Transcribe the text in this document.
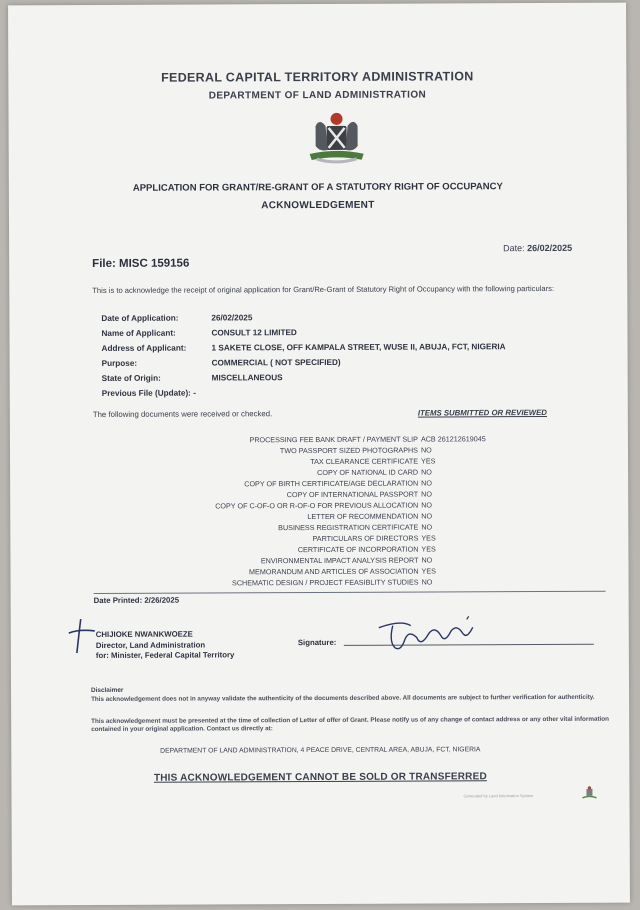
FEDERAL CAPITAL TERRITORY ADMINISTRATION
DEPARTMENT OF LAND ADMINISTRATION
APPLICATION FOR GRANT/RE-GRANT OF A STATUTORY RIGHT OF OCCUPANCY
ACKNOWLEDGEMENT
Date: 26/02/2025
File: MISC 159156
This is to acknowledge the receipt of original application for Grant/Re-Grant of Statutory Right of Occupancy with the following particulars:
Date of Application:	26/02/2025
Name of Applicant:	CONSULT 12 LIMITED
Address of Applicant:	1 SAKETE CLOSE, OFF KAMPALA STREET, WUSE II, ABUJA, FCT, NIGERIA
Purpose:	COMMERCIAL ( NOT SPECIFIED)
State of Origin:	MISCELLANEOUS
Previous File (Update): -
The following documents were received or checked.	ITEMS SUBMITTED OR REVIEWED
PROCESSING FEE BANK DRAFT / PAYMENT SLIP ACB 261212619045
TWO PASSPORT SIZED PHOTOGRAPHS NO
TAX CLEARANCE CERTIFICATE YES
COPY OF NATIONAL ID CARD NO
COPY OF BIRTH CERTIFICATE/AGE DECLARATION NO
COPY OF INTERNATIONAL PASSPORT NO
COPY OF C-OF-O OR R-OF-O FOR PREVIOUS ALLOCATION NO
LETTER OF RECOMMENDATION NO
BUSINESS REGISTRATION CERTIFICATE NO
PARTICULARS OF DIRECTORS YES
CERTIFICATE OF INCORPORATION YES
ENVIRONMENTAL IMPACT ANALYSIS REPORT NO
MEMORANDUM AND ARTICLES OF ASSOCIATION YES
SCHEMATIC DESIGN / PROJECT FEASIBLITY STUDIES NO
Date Printed: 2/26/2025
CHIJIOKE NWANKWOEZE
Director, Land Administration
for: Minister, Federal Capital Territory
Signature:
Disclaimer
This acknowledgement does not in anyway validate the authenticity of the documents described above. All documents are subject to further verification for authenticity.
This acknowledgement must be presented at the time of collection of Letter of offer of Grant. Please notify us of any change of contact address or any other vital information contained in your original application. Contact us directly at:
DEPARTMENT OF LAND ADMINISTRATION, 4 PEACE DRIVE, CENTRAL AREA, ABUJA, FCT, NIGERIA
THIS ACKNOWLEDGEMENT CANNOT BE SOLD OR TRANSFERRED
Generated by Land Information System
